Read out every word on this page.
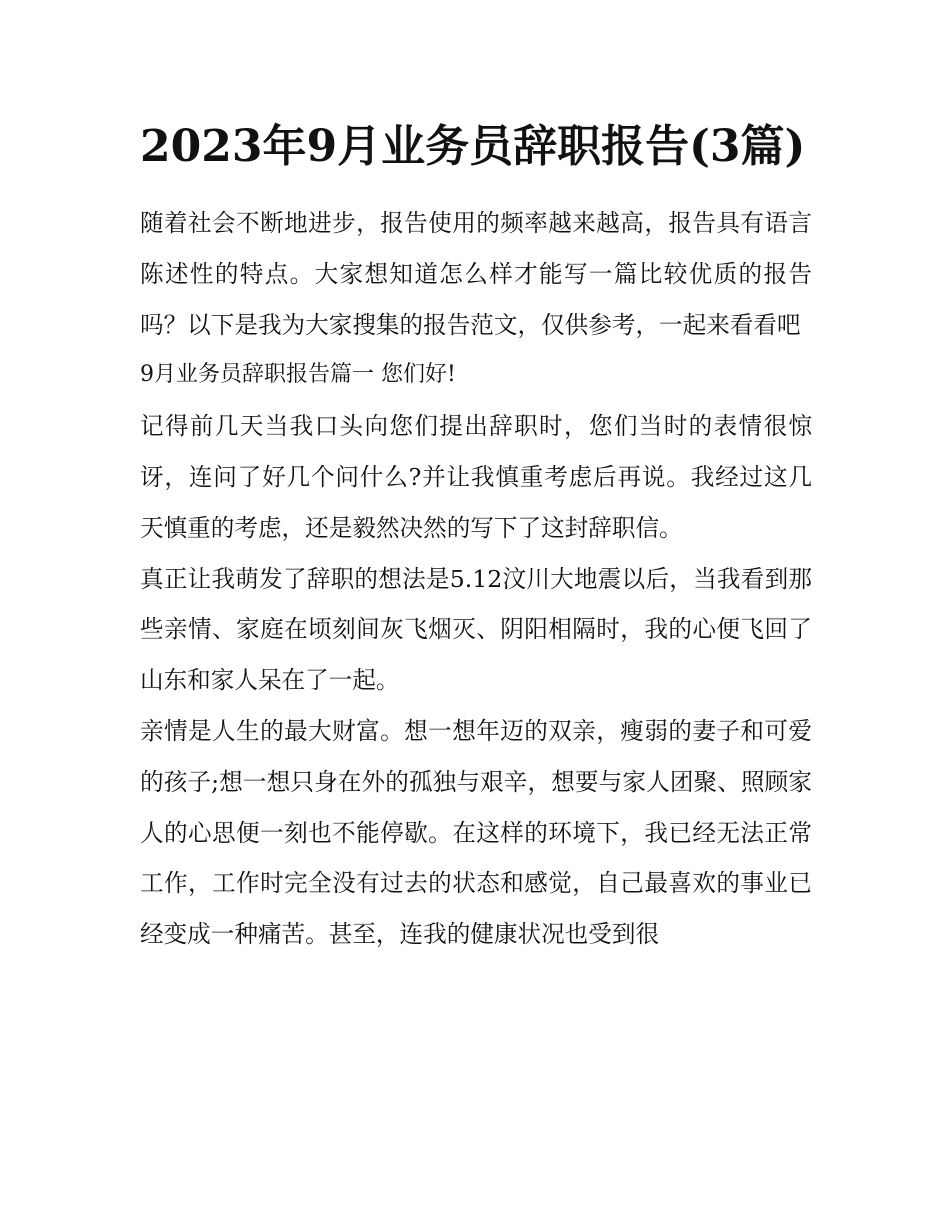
2023年9月业务员辞职报告(3篇)

随着社会不断地进步，报告使用的频率越来越高，报告具有语言陈述性的特点。大家想知道怎么样才能写一篇比较优质的报告吗？以下是我为大家搜集的报告范文，仅供参考，一起来看看吧

9月业务员辞职报告篇一 您们好!

记得前几天当我口头向您们提出辞职时，您们当时的表情很惊讶，连问了好几个问什么?并让我慎重考虑后再说。我经过这几天慎重的考虑，还是毅然决然的写下了这封辞职信。

真正让我萌发了辞职的想法是5.12汶川大地震以后，当我看到那些亲情、家庭在顷刻间灰飞烟灭、阴阳相隔时，我的心便飞回了山东和家人呆在了一起。

亲情是人生的最大财富。想一想年迈的双亲，瘦弱的妻子和可爱的孩子;想一想只身在外的孤独与艰辛，想要与家人团聚、照顾家人的心思便一刻也不能停歇。在这样的环境下，我已经无法正常工作，工作时完全没有过去的状态和感觉，自己最喜欢的事业已经变成一种痛苦。甚至，连我的健康状况也受到很
